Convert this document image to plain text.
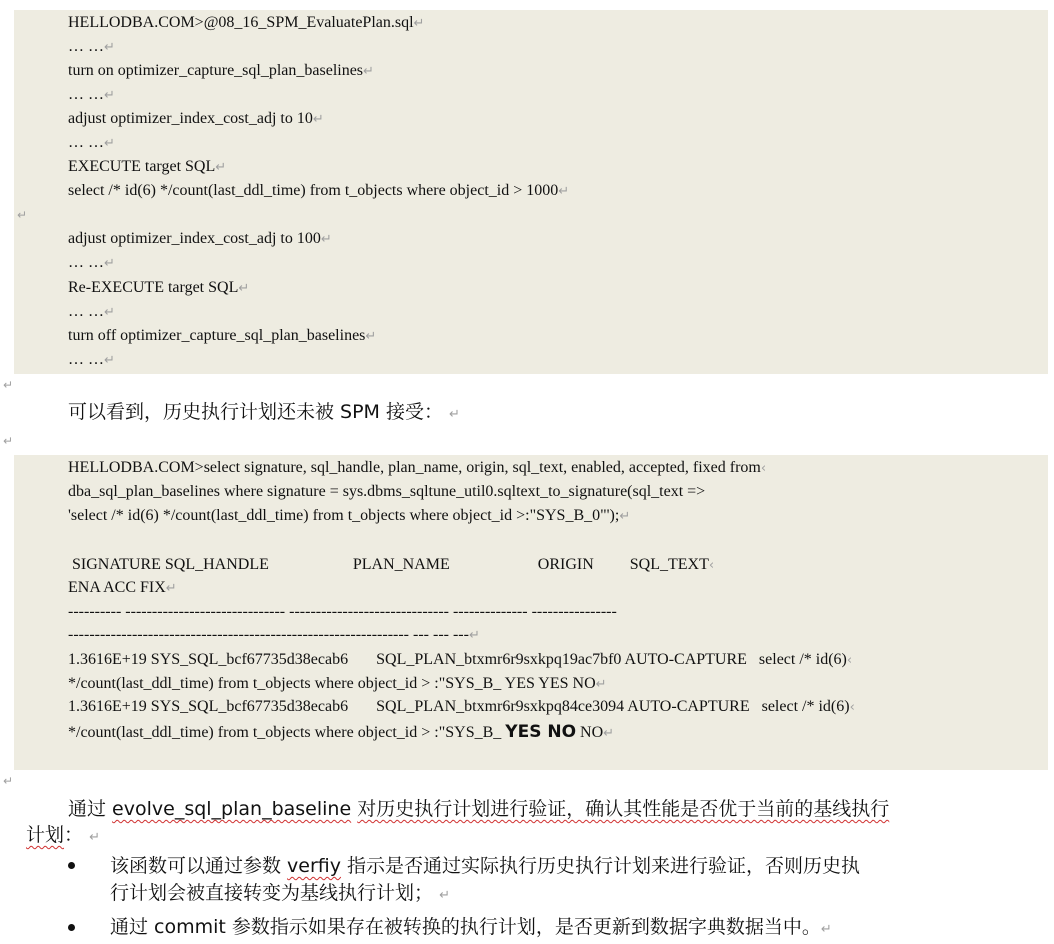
HELLODBA.COM>@08_16_SPM_EvaluatePlan.sql↵
… …↵
turn on optimizer_capture_sql_plan_baselines↵
… …↵
adjust optimizer_index_cost_adj to 10↵
… …↵
EXECUTE target SQL↵
select /* id(6) */count(last_ddl_time) from t_objects where object_id > 1000↵
↵
adjust optimizer_index_cost_adj to 100↵
… …↵
Re-EXECUTE target SQL↵
… …↵
turn off optimizer_capture_sql_plan_baselines↵
… …↵
↵
可以看到，历史执行计划还未被 SPM 接受： ↵
↵
HELLODBA.COM>select signature, sql_handle, plan_name, origin, sql_text, enabled, accepted, fixed from‹
dba_sql_plan_baselines where signature = sys.dbms_sqltune_util0.sqltext_to_signature(sql_text =>
'select /* id(6) */count(last_ddl_time) from t_objects where object_id >:"SYS_B_0"');↵
SIGNATURE SQL_HANDLE                     PLAN_NAME                      ORIGIN         SQL_TEXT‹
ENA ACC FIX↵
---------- ------------------------------ ------------------------------ -------------- ----------------
---------------------------------------------------------------- --- --- ---↵
1.3616E+19 SYS_SQL_bcf67735d38ecab6       SQL_PLAN_btxmr6r9sxkpq19ac7bf0 AUTO-CAPTURE   select /* id(6)‹
*/count(last_ddl_time) from t_objects where object_id > :"SYS_B_ YES YES NO↵
1.3616E+19 SYS_SQL_bcf67735d38ecab6       SQL_PLAN_btxmr6r9sxkpq84ce3094 AUTO-CAPTURE   select /* id(6)‹
*/count(last_ddl_time) from t_objects where object_id > :"SYS_B_ YES NO NO↵
↵
通过 evolve_sql_plan_baseline 对历史执行计划进行验证，确认其性能是否优于当前的基线执行
计划： ↵
该函数可以通过参数 verfiy 指示是否通过实际执行历史执行计划来进行验证，否则历史执
行计划会被直接转变为基线执行计划； ↵
通过 commit 参数指示如果存在被转换的执行计划，是否更新到数据字典数据当中。↵
